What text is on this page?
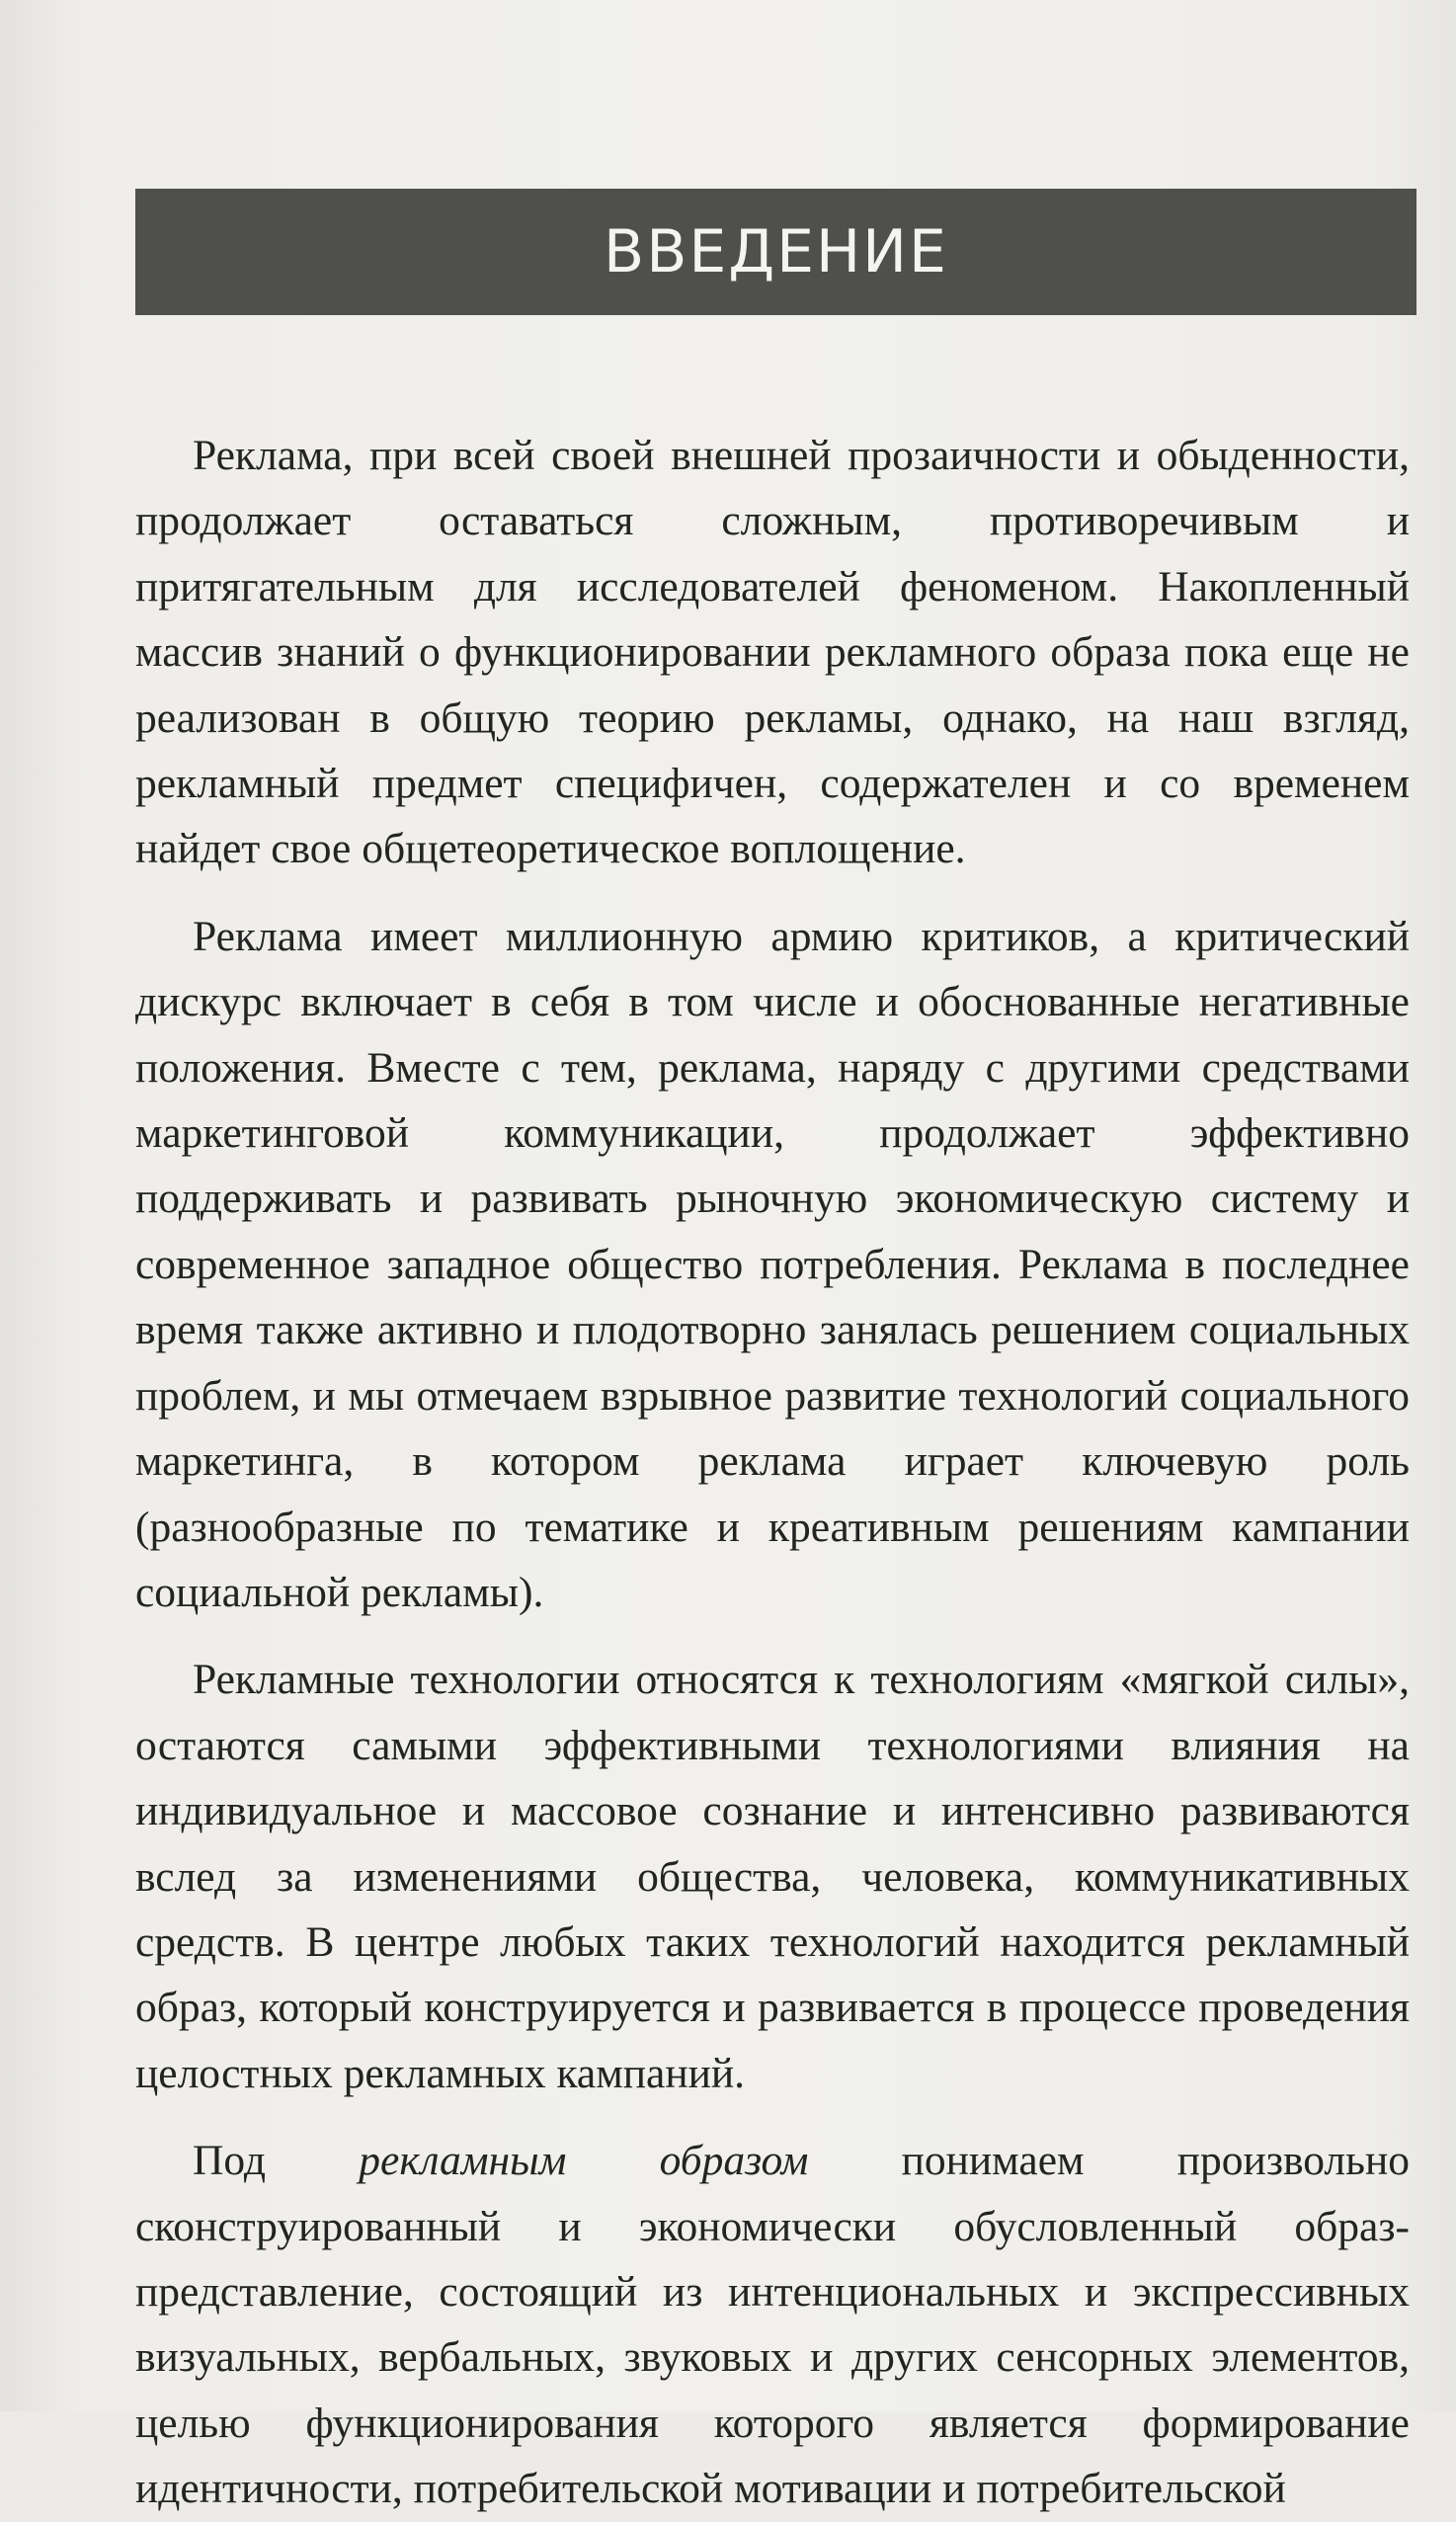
ВВЕДЕНИЕ

Реклама, при всей своей внешней прозаичности и обыденности, продолжает оставаться сложным, противоречивым и притягательным для исследователей феноменом. Накопленный массив знаний о функционировании рекламного образа пока еще не реализован в общую теорию рекламы, однако, на наш взгляд, рекламный предмет специфичен, содержателен и со временем найдет свое общетеоретическое воплощение.

Реклама имеет миллионную армию критиков, а критический дискурс включает в себя в том числе и обоснованные негативные положения. Вместе с тем, реклама, наряду с другими средствами маркетинговой коммуникации, продолжает эффективно поддерживать и развивать рыночную экономическую систему и современное западное общество потребления. Реклама в последнее время также активно и плодотворно занялась решением социальных проблем, и мы отмечаем взрывное развитие технологий социального маркетинга, в котором реклама играет ключевую роль (разнообразные по тематике и креативным решениям кампании социальной рекламы).

Рекламные технологии относятся к технологиям «мягкой силы», остаются самыми эффективными технологиями влияния на индивидуальное и массовое сознание и интенсивно развиваются вслед за изменениями общества, человека, коммуникативных средств. В центре любых таких технологий находится рекламный образ, который конструируется и развивается в процессе проведения целостных рекламных кампаний.

Под рекламным образом понимаем произвольно сконструированный и экономически обусловленный образ-представление, состоящий из интенциональных и экспрессивных визуальных, вербальных, звуковых и других сенсорных элементов, целью функционирования которого является формирование идентичности, потребительской мотивации и потребительской
